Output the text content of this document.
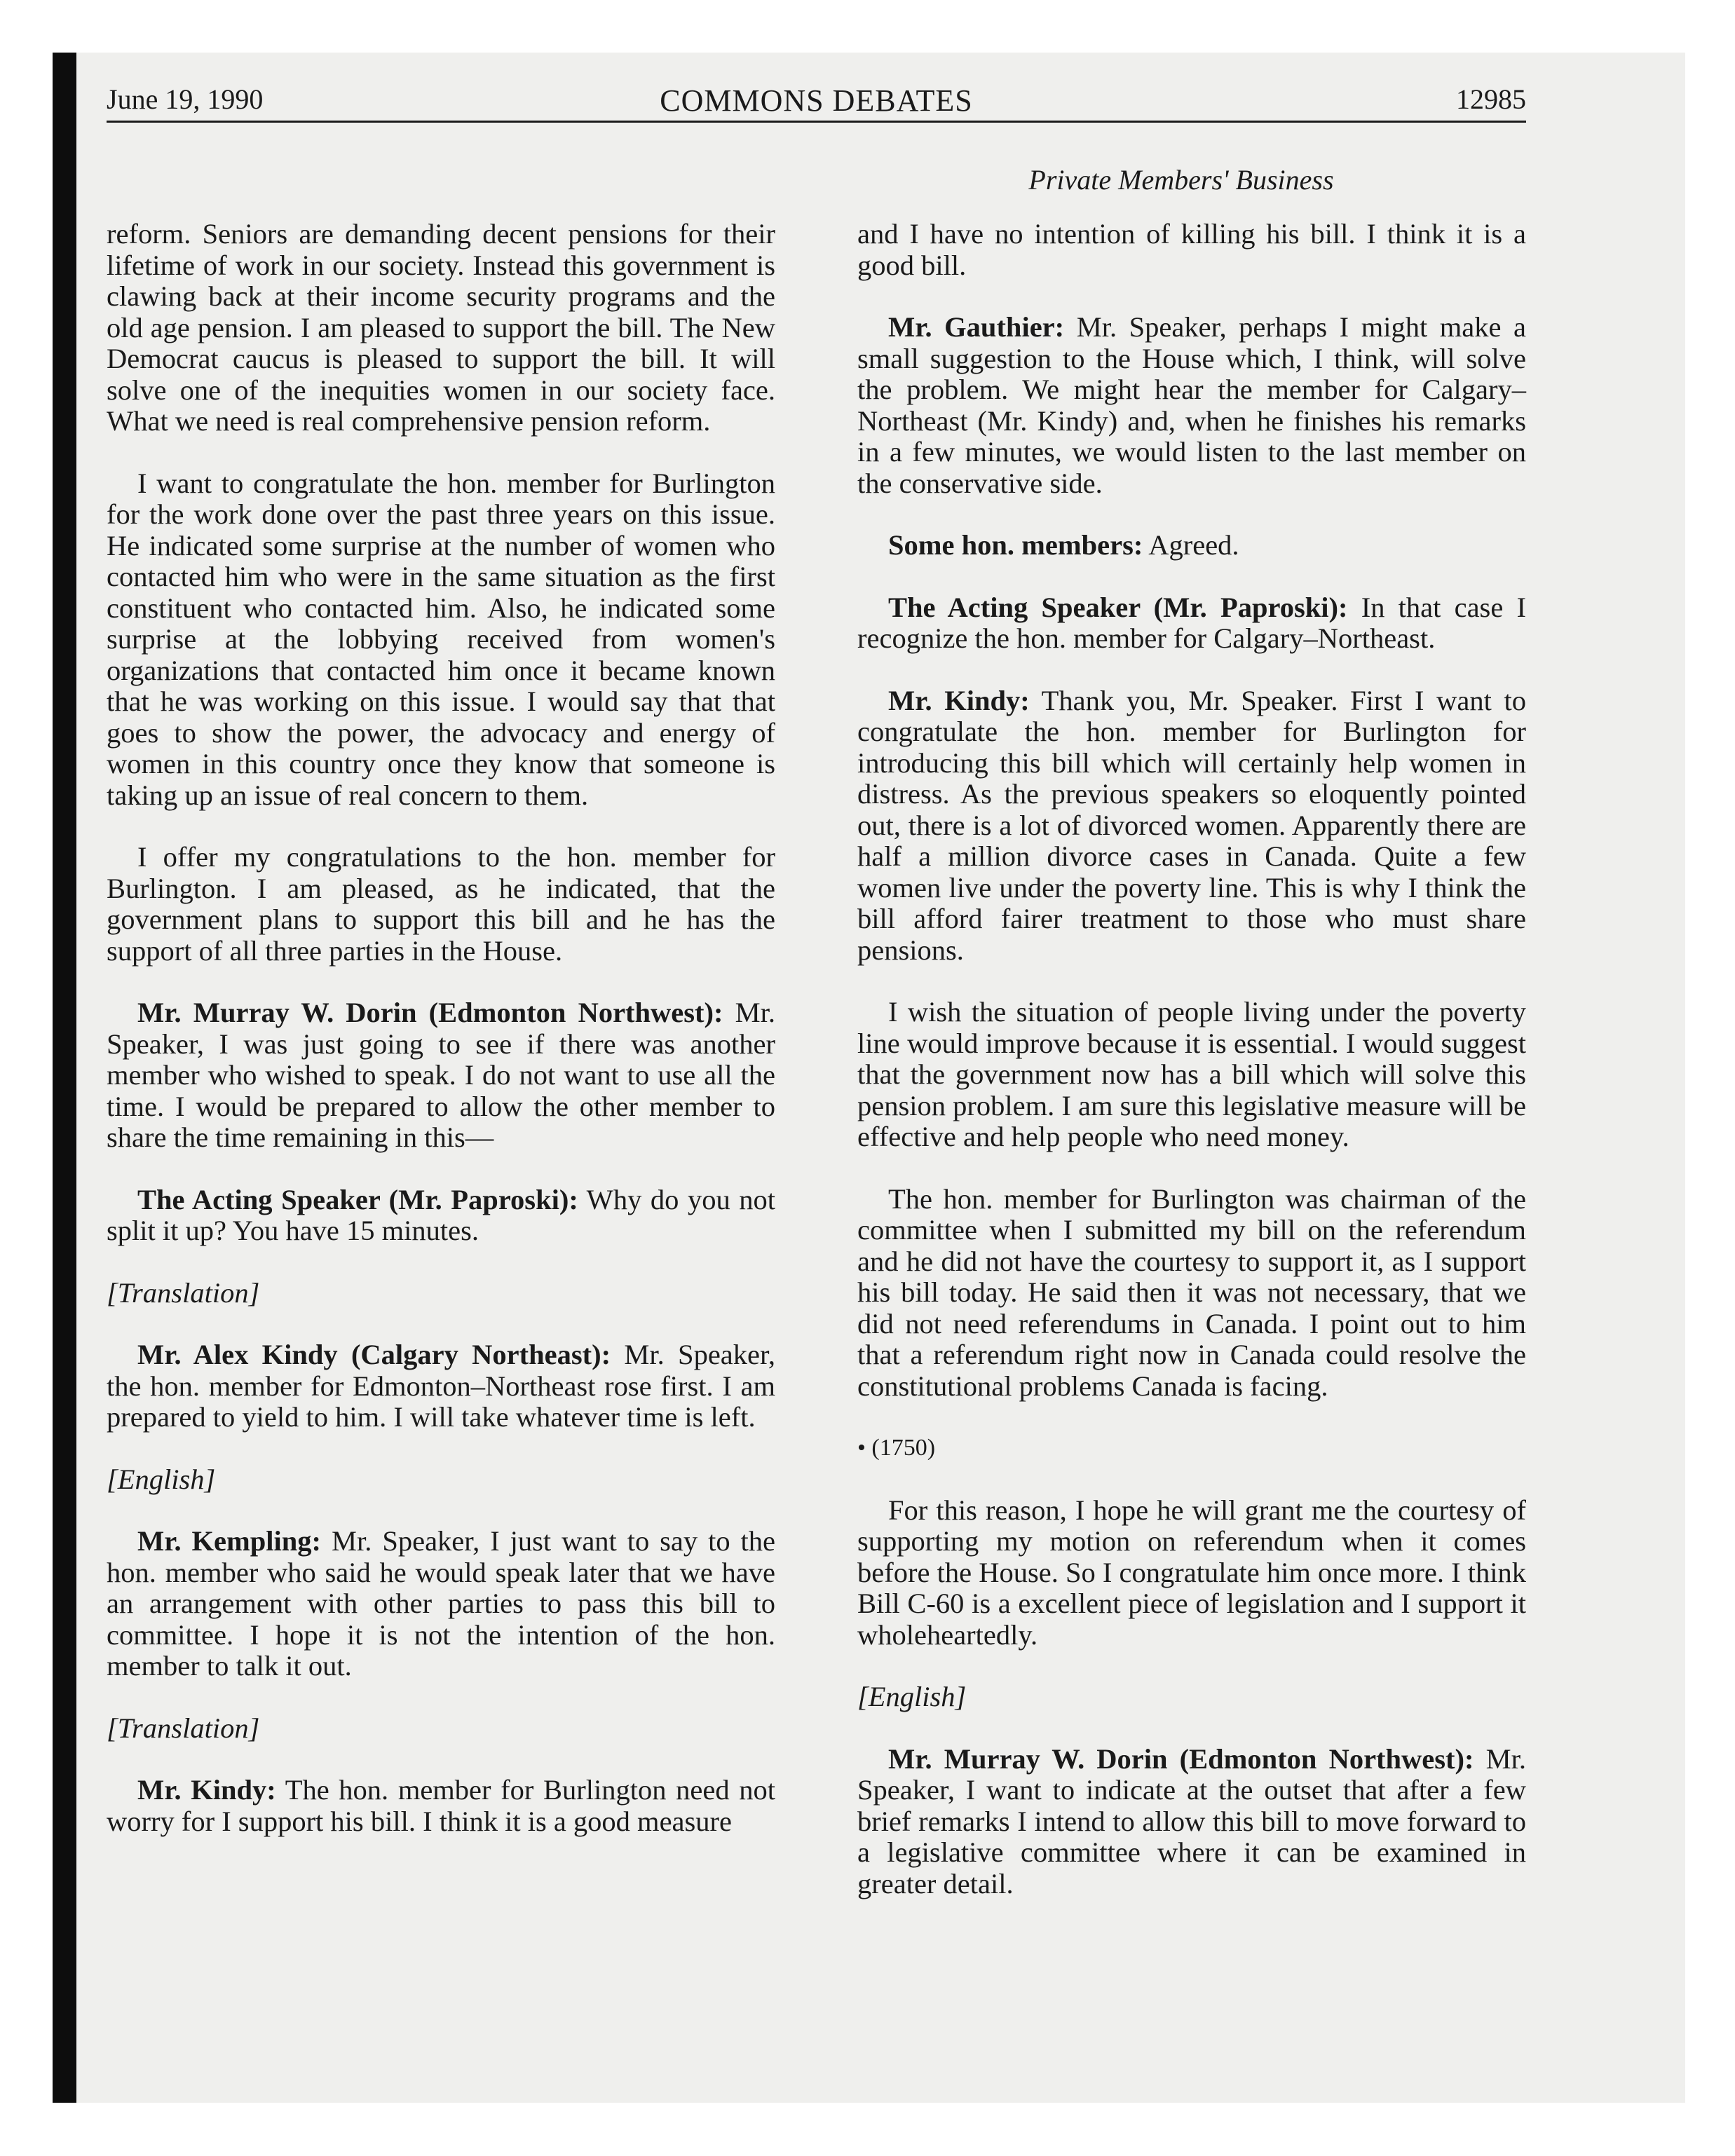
June 19, 1990	COMMONS DEBATES	12985
Private Members' Business

reform. Seniors are demanding decent pensions for their lifetime of work in our society. Instead this government is clawing back at their income security programs and the old age pension. I am pleased to support the bill. The New Democrat caucus is pleased to support the bill. It will solve one of the inequities women in our society face. What we need is real comprehensive pension reform.

I want to congratulate the hon. member for Burlington for the work done over the past three years on this issue. He indicated some surprise at the number of women who contacted him who were in the same situation as the first constituent who contacted him. Also, he indicated some surprise at the lobbying received from women's organizations that contacted him once it became known that he was working on this issue. I would say that that goes to show the power, the advocacy and energy of women in this country once they know that someone is taking up an issue of real concern to them.

I offer my congratulations to the hon. member for Burlington. I am pleased, as he indicated, that the government plans to support this bill and he has the support of all three parties in the House.

Mr. Murray W. Dorin (Edmonton Northwest): Mr. Speaker, I was just going to see if there was another member who wished to speak. I do not want to use all the time. I would be prepared to allow the other member to share the time remaining in this—

The Acting Speaker (Mr. Paproski): Why do you not split it up? You have 15 minutes.

[Translation]

Mr. Alex Kindy (Calgary Northeast): Mr. Speaker, the hon. member for Edmonton–Northeast rose first. I am prepared to yield to him. I will take whatever time is left.

[English]

Mr. Kempling: Mr. Speaker, I just want to say to the hon. member who said he would speak later that we have an arrangement with other parties to pass this bill to committee. I hope it is not the intention of the hon. member to talk it out.

[Translation]

Mr. Kindy: The hon. member for Burlington need not worry for I support his bill. I think it is a good measure

and I have no intention of killing his bill. I think it is a good bill.

Mr. Gauthier: Mr. Speaker, perhaps I might make a small suggestion to the House which, I think, will solve the problem. We might hear the member for Calgary–Northeast (Mr. Kindy) and, when he finishes his remarks in a few minutes, we would listen to the last member on the conservative side.

Some hon. members: Agreed.

The Acting Speaker (Mr. Paproski): In that case I recognize the hon. member for Calgary–Northeast.

Mr. Kindy: Thank you, Mr. Speaker. First I want to congratulate the hon. member for Burlington for introducing this bill which will certainly help women in distress. As the previous speakers so eloquently pointed out, there is a lot of divorced women. Apparently there are half a million divorce cases in Canada. Quite a few women live under the poverty line. This is why I think the bill afford fairer treatment to those who must share pensions.

I wish the situation of people living under the poverty line would improve because it is essential. I would suggest that the government now has a bill which will solve this pension problem. I am sure this legislative measure will be effective and help people who need money.

The hon. member for Burlington was chairman of the committee when I submitted my bill on the referendum and he did not have the courtesy to support it, as I support his bill today. He said then it was not necessary, that we did not need referendums in Canada. I point out to him that a referendum right now in Canada could resolve the constitutional problems Canada is facing.

• (1750)

For this reason, I hope he will grant me the courtesy of supporting my motion on referendum when it comes before the House. So I congratulate him once more. I think Bill C-60 is a excellent piece of legislation and I support it wholeheartedly.

[English]

Mr. Murray W. Dorin (Edmonton Northwest): Mr. Speaker, I want to indicate at the outset that after a few brief remarks I intend to allow this bill to move forward to a legislative committee where it can be examined in greater detail.
